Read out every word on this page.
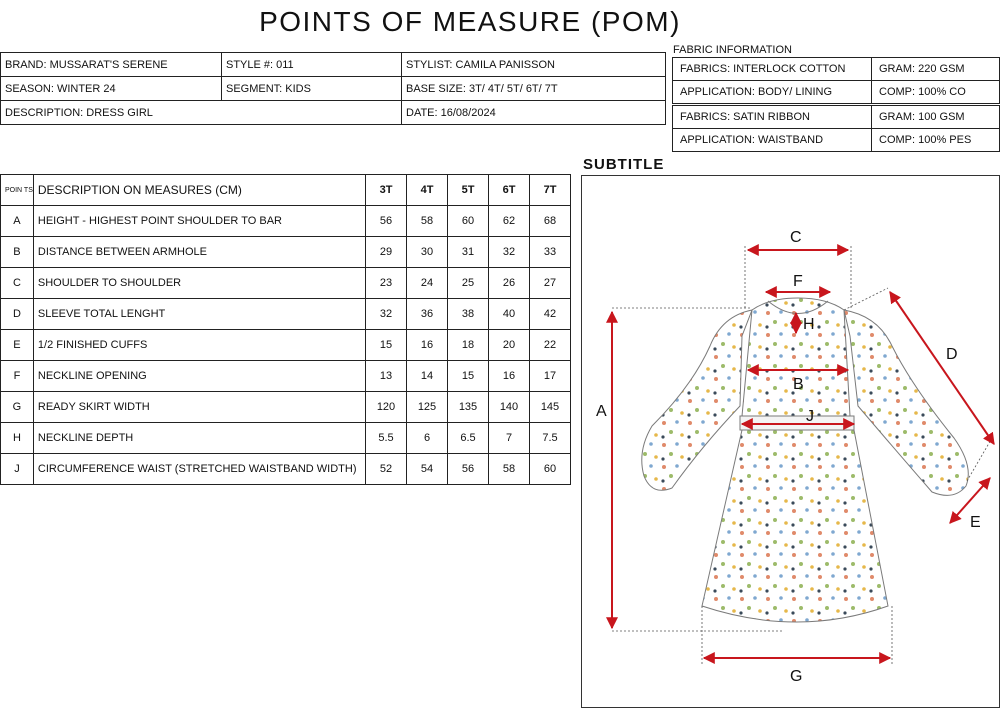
POINTS OF MEASURE (POM)
BRAND: MUSSARAT'S SERENE	STYLE #: 011	STYLIST: CAMILA PANISSON
SEASON: WINTER 24	SEGMENT: KIDS	BASE SIZE: 3T/ 4T/ 5T/ 6T/ 7T
DESCRIPTION: DRESS GIRL		DATE: 16/08/2024
FABRIC INFORMATION
FABRICS: INTERLOCK COTTON	GRAM: 220 GSM
APPLICATION: BODY/ LINING	COMP: 100% CO
FABRICS: SATIN RIBBON	GRAM: 100 GSM
APPLICATION: WAISTBAND	COMP: 100% PES
POIN TS	DESCRIPTION ON MEASURES (CM)	3T	4T	5T	6T	7T
A	HEIGHT - HIGHEST POINT SHOULDER TO BAR	56	58	60	62	68
B	DISTANCE BETWEEN ARMHOLE	29	30	31	32	33
C	SHOULDER TO SHOULDER	23	24	25	26	27
D	SLEEVE TOTAL LENGHT	32	36	38	40	42
E	1/2 FINISHED CUFFS	15	16	18	20	22
F	NECKLINE OPENING	13	14	15	16	17
G	READY SKIRT WIDTH	120	125	135	140	145
H	NECKLINE DEPTH	5.5	6	6.5	7	7.5
J	CIRCUMFERENCE WAIST (STRETCHED WAISTBAND WIDTH)	52	54	56	58	60
SUBTITLE
A
B
C
D
E
F
G
H
J
